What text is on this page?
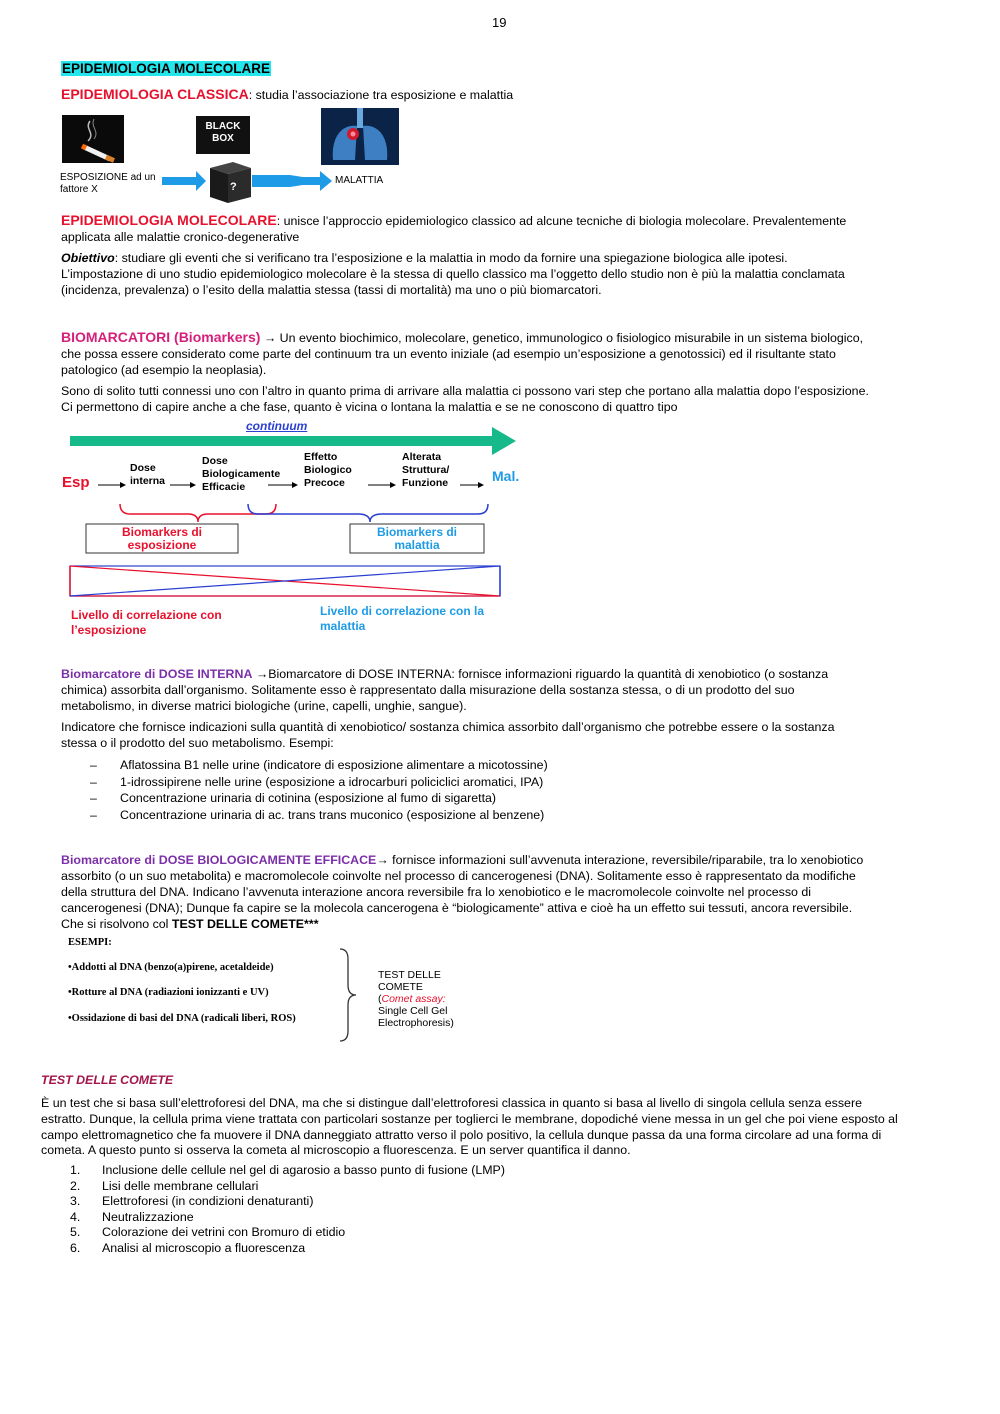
19
EPIDEMIOLOGIA MOLECOLARE
EPIDEMIOLOGIA CLASSICA: studia l’associazione tra esposizione e malattia
BLACK BOX
?
ESPOSIZIONE ad un
fattore X
MALATTIA
EPIDEMIOLOGIA MOLECOLARE: unisce l’approccio epidemiologico classico ad alcune tecniche di biologia molecolare. Prevalentemente
applicata alle malattie cronico-degenerative
Obiettivo: studiare gli eventi che si verificano tra l’esposizione e la malattia in modo da fornire una spiegazione biologica alle ipotesi.
L’impostazione di uno studio epidemiologico molecolare è la stessa di quello classico ma l’oggetto dello studio non è più la malattia conclamata
(incidenza, prevalenza) o l’esito della malattia stessa (tassi di mortalità) ma uno o più biomarcatori.
BIOMARCATORI (Biomarkers) → Un evento biochimico, molecolare, genetico, immunologico o fisiologico misurabile in un sistema biologico,
che possa essere considerato come parte del continuum tra un evento iniziale (ad esempio un’esposizione a genotossici) ed il risultante stato
patologico (ad esempio la neoplasia).
Sono di solito tutti connessi uno con l’altro in quanto prima di arrivare alla malattia ci possono vari step che portano alla malattia dopo l’esposizione.
Ci permettono di capire anche a che fase, quanto è vicina o lontana la malattia e se ne conoscono di quattro tipo
continuum
Esp	Mal.
Dose
interna
Dose
Biologicamente
Efficacie
Effetto
Biologico
Precoce
Alterata
Struttura/
Funzione
Biomarkers di
esposizione
Biomarkers di
malattia
Livello di correlazione con
l’esposizione
Livello di correlazione con la
malattia
Biomarcatore di DOSE INTERNA →Biomarcatore di DOSE INTERNA: fornisce informazioni riguardo la quantità di xenobiotico (o sostanza
chimica) assorbita dall’organismo. Solitamente esso è rappresentato dalla misurazione della sostanza stessa, o di un prodotto del suo
metabolismo, in diverse matrici biologiche (urine, capelli, unghie, sangue).
Indicatore che fornisce indicazioni sulla quantità di xenobiotico/ sostanza chimica assorbito dall’organismo che potrebbe essere o la sostanza
stessa o il prodotto del suo metabolismo. Esempi:
– Aflatossina B1 nelle urine (indicatore di esposizione alimentare a micotossine)
– 1-idrossipirene nelle urine (esposizione a idrocarburi policiclici aromatici, IPA)
– Concentrazione urinaria di cotinina (esposizione al fumo di sigaretta)
– Concentrazione urinaria di ac. trans trans muconico (esposizione al benzene)
Biomarcatore di DOSE BIOLOGICAMENTE EFFICACE→ fornisce informazioni sull’avvenuta interazione, reversibile/riparabile, tra lo xenobiotico
assorbito (o un suo metabolita) e macromolecole coinvolte nel processo di cancerogenesi (DNA). Solitamente esso è rappresentato da modifiche
della struttura del DNA. Indicano l’avvenuta interazione ancora reversibile fra lo xenobiotico e le macromolecole coinvolte nel processo di
cancerogenesi (DNA); Dunque fa capire se la molecola cancerogena è “biologicamente” attiva e cioè ha un effetto sui tessuti, ancora reversibile.
Che si risolvono col TEST DELLE COMETE***
ESEMPI:
•Addotti al DNA (benzo(a)pirene, acetaldeide)
•Rotture al DNA (radiazioni ionizzanti e UV)
•Ossidazione di basi del DNA (radicali liberi, ROS)
TEST DELLE
COMETE
(Comet assay:
Single Cell Gel
Electrophoresis)
TEST DELLE COMETE
È un test che si basa sull’elettroforesi del DNA, ma che si distingue dall’elettroforesi classica in quanto si basa al livello di singola cellula senza essere
estratto. Dunque, la cellula prima viene trattata con particolari sostanze per toglierci le membrane, dopodiché viene messa in un gel che poi viene esposto al
campo elettromagnetico che fa muovere il DNA danneggiato attratto verso il polo positivo, la cellula dunque passa da una forma circolare ad una forma di
cometa. A questo punto si osserva la cometa al microscopio a fluorescenza. E un server quantifica il danno.
1. Inclusione delle cellule nel gel di agarosio a basso punto di fusione (LMP)
2. Lisi delle membrane cellulari
3. Elettroforesi (in condizioni denaturanti)
4. Neutralizzazione
5. Colorazione dei vetrini con Bromuro di etidio
6. Analisi al microscopio a fluorescenza
